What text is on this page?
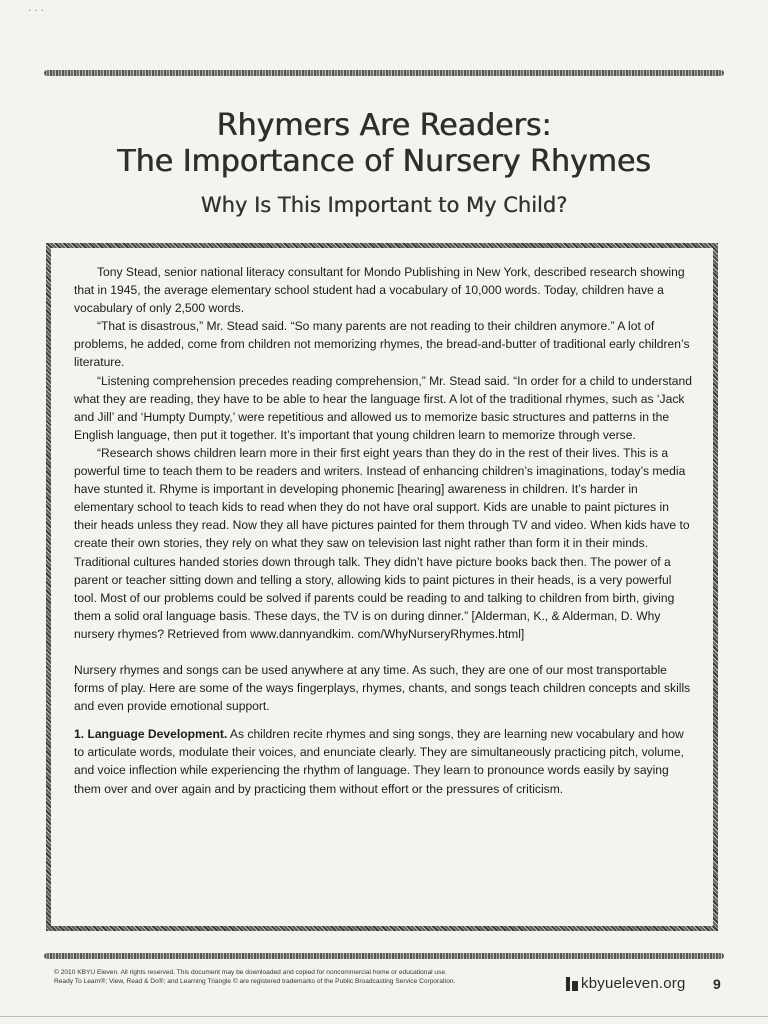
· · ·
Rhymers Are Readers:
The Importance of Nursery Rhymes
Why Is This Important to My Child?

Tony Stead, senior national literacy consultant for Mondo Publishing in New York, described research showing that in 1945, the average elementary school student had a vocabulary of 10,000 words. Today, children have a vocabulary of only 2,500 words.

“That is disastrous,” Mr. Stead said. “So many parents are not reading to their children anymore.” A lot of problems, he added, come from children not memorizing rhymes, the bread-and-butter of traditional early children’s literature.

“Listening comprehension precedes reading comprehension,” Mr. Stead said. “In order for a child to understand what they are reading, they have to be able to hear the language first. A lot of the traditional rhymes, such as ‘Jack and Jill’ and ‘Humpty Dumpty,’ were repetitious and allowed us to memorize basic structures and patterns in the English language, then put it together. It’s important that young children learn to memorize through verse.

“Research shows children learn more in their first eight years than they do in the rest of their lives. This is a powerful time to teach them to be readers and writers. Instead of enhancing children’s imaginations, today’s media have stunted it. Rhyme is important in developing phonemic [hearing] awareness in children. It’s harder in elementary school to teach kids to read when they do not have oral support. Kids are unable to paint pictures in their heads unless they read. Now they all have pictures painted for them through TV and video. When kids have to create their own stories, they rely on what they saw on television last night rather than form it in their minds. Traditional cultures handed stories down through talk. They didn’t have picture books back then. The power of a parent or teacher sitting down and telling a story, allowing kids to paint pictures in their heads, is a very powerful tool. Most of our problems could be solved if parents could be reading to and talking to children from birth, giving them a solid oral language basis. These days, the TV is on during dinner.” [Alderman, K., & Alderman, D. Why nursery rhymes? Retrieved from www.dannyandkim. com/WhyNurseryRhymes.html]

Nursery rhymes and songs can be used anywhere at any time. As such, they are one of our most transportable forms of play. Here are some of the ways fingerplays, rhymes, chants, and songs teach children concepts and skills and even provide emotional support.

1. Language Development. As children recite rhymes and sing songs, they are learning new vocabulary and how to articulate words, modulate their voices, and enunciate clearly. They are simultaneously practicing pitch, volume, and voice inflection while experiencing the rhythm of language. They learn to pronounce words easily by saying them over and over again and by practicing them without effort or the pressures of criticism.

© 2010 KBYU Eleven. All rights reserved. This document may be downloaded and copied for noncommercial home or educational use.
Ready To Learn®; View, Read & Do®; and Learning Triangle © are registered trademarks of the Public Broadcasting Service Corporation.	kbyueleven.org 9
